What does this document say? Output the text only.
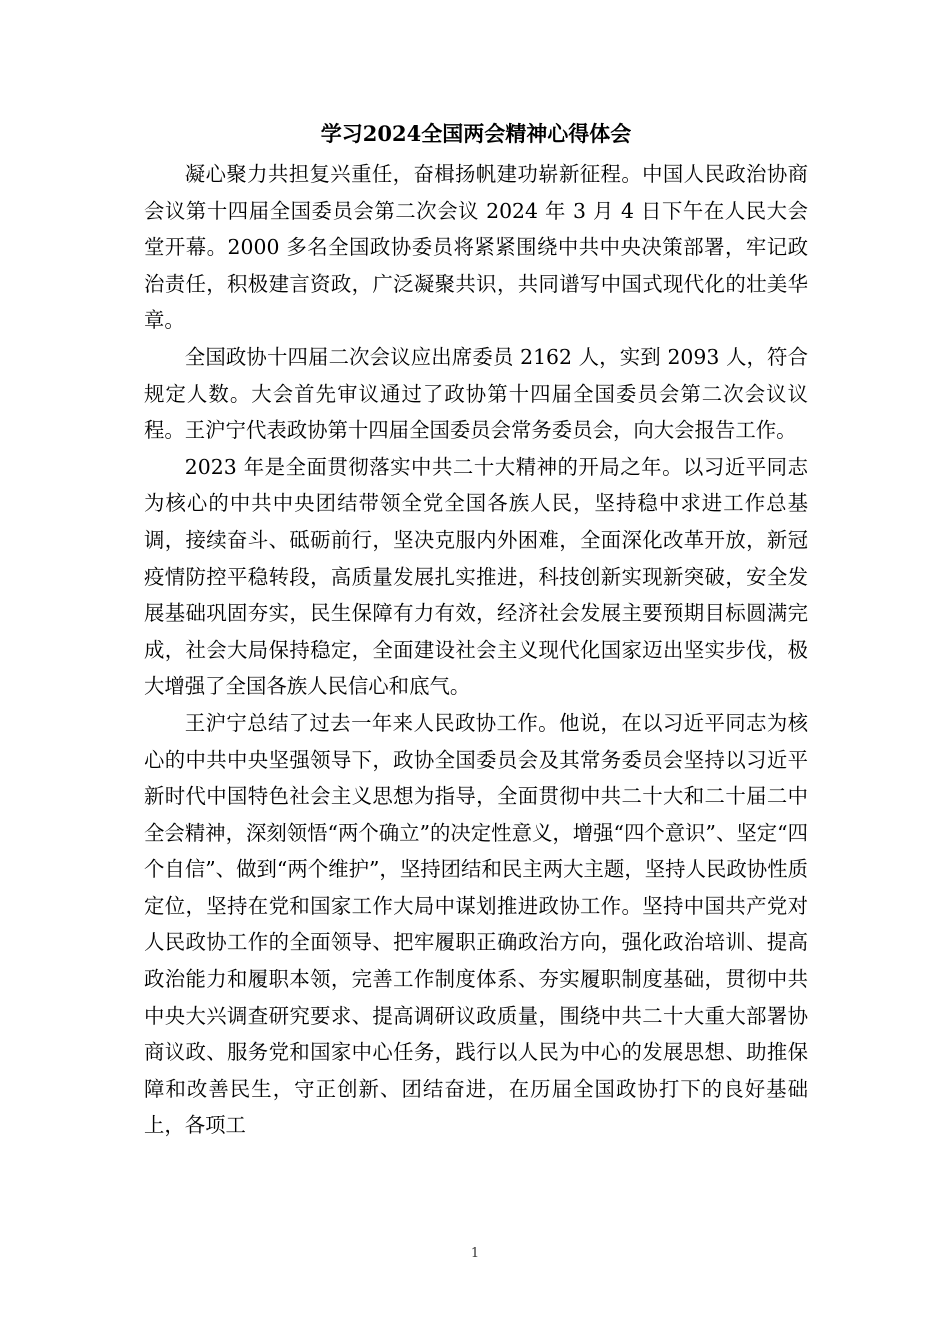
学习2024全国两会精神心得体会

凝心聚力共担复兴重任，奋楫扬帆建功崭新征程。中国人民政治协商会议第十四届全国委员会第二次会议 2024 年 3 月 4 日下午在人民大会堂开幕。2000 多名全国政协委员将紧紧围绕中共中央决策部署，牢记政治责任，积极建言资政，广泛凝聚共识，共同谱写中国式现代化的壮美华章。

全国政协十四届二次会议应出席委员 2162 人，实到 2093 人，符合规定人数。大会首先审议通过了政协第十四届全国委员会第二次会议议程。王沪宁代表政协第十四届全国委员会常务委员会，向大会报告工作。

2023 年是全面贯彻落实中共二十大精神的开局之年。以习近平同志为核心的中共中央团结带领全党全国各族人民，坚持稳中求进工作总基调，接续奋斗、砥砺前行，坚决克服内外困难，全面深化改革开放，新冠疫情防控平稳转段，高质量发展扎实推进，科技创新实现新突破，安全发展基础巩固夯实，民生保障有力有效，经济社会发展主要预期目标圆满完成，社会大局保持稳定，全面建设社会主义现代化国家迈出坚实步伐，极大增强了全国各族人民信心和底气。

王沪宁总结了过去一年来人民政协工作。他说，在以习近平同志为核心的中共中央坚强领导下，政协全国委员会及其常务委员会坚持以习近平新时代中国特色社会主义思想为指导，全面贯彻中共二十大和二十届二中全会精神，深刻领悟“两个确立”的决定性意义，增强“四个意识”、坚定“四个自信”、做到“两个维护”，坚持团结和民主两大主题，坚持人民政协性质定位，坚持在党和国家工作大局中谋划推进政协工作。坚持中国共产党对人民政协工作的全面领导、把牢履职正确政治方向，强化政治培训、提高政治能力和履职本领，完善工作制度体系、夯实履职制度基础，贯彻中共中央大兴调查研究要求、提高调研议政质量，围绕中共二十大重大部署协商议政、服务党和国家中心任务，践行以人民为中心的发展思想、助推保障和改善民生，守正创新、团结奋进，在历届全国政协打下的良好基础上，各项工

1
